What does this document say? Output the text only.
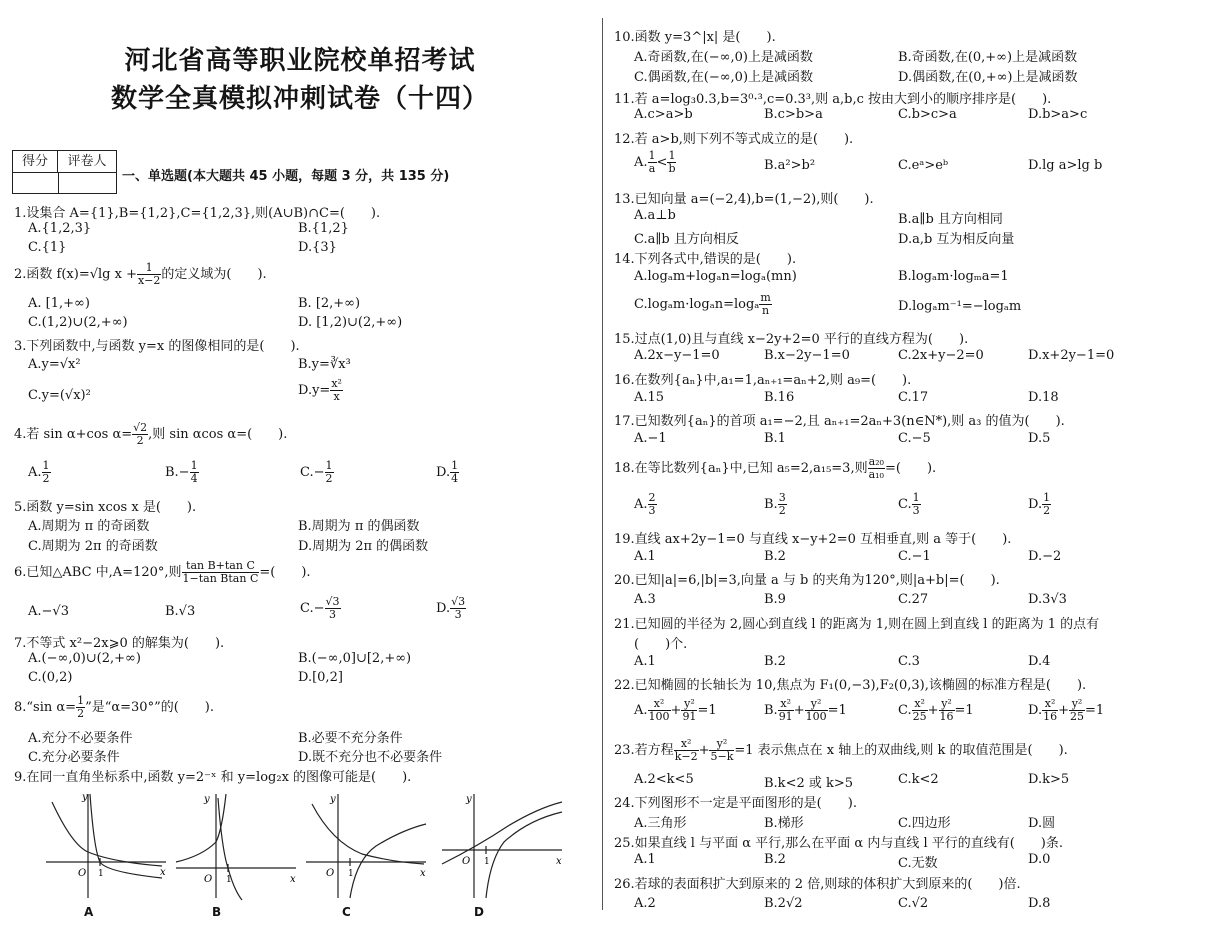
河北省高等职业院校单招考试
数学全真模拟冲刺试卷（十四）
得分	评卷人
一、单选题(本大题共 45 小题，每题 3 分，共 135 分)
1.设集合 A={1},B={1,2},C={1,2,3},则(A∪B)∩C=(　　).
A.{1,2,3}	B.{1,2}
C.{1}	D.{3}
2.函数 f(x)=√lg $x + \frac{1}{x-2}$ 的定义域为(　　).
A. [1,+∞)	B. [2,+∞)
C.(1,2)∪(2,+∞)	D. [1,2)∪(2,+∞)
3.下列函数中,与函数 y=x 的图像相同的是(　　).
A.y=√x²	B.y=∛x³
C.y=(√x)²	$D.y= \frac{\text{x²}}{x}$
4.若 sin α+cos $\alpha= \frac{√2}{2}$ ,则 sin αcos α=(　　).
A. $\frac{1}{2}$	$B.- \frac{1}{4}$	$C.- \frac{1}{2}$	D. $\frac{1}{4}$
5.函数 y=sin xcos x 是(　　).
A.周期为 π 的奇函数	B.周期为 π 的偶函数
C.周期为 2π 的奇函数	D.周期为 2π 的偶函数
6.已知△ABC 中,A=120°,则 $\frac{\text{tan B+tan C}}{\text{1−tan Btan C}}$ =(　　).
A.−√3	B.√3	$C.- \frac{√3}{3}$	D. $\frac{√3}{3}$
7.不等式 x²−2x⩾0 的解集为(　　).
A.(−∞,0)∪(2,+∞)	B.(−∞,0]∪[2,+∞)
C.(0,2)	D.[0,2]
8.“sin $\alpha= \frac{1}{2}$ ”是“α=30°”的(　　).
A.充分不必要条件	B.必要不充分条件
C.充分必要条件	D.既不充分也不必要条件
9.在同一直角坐标系中,函数 y=2⁻ˣ 和 y=log₂x 的图像可能是(　　).
y
x
O 1
A
y
x
O 1
B
y
x
O 1
C
y
x
O 1
D
10.函数 y=3^|x| 是(　　).
A.奇函数,在(−∞,0)上是减函数	B.奇函数,在(0,+∞)上是减函数
C.偶函数,在(−∞,0)上是减函数	D.偶函数,在(0,+∞)上是减函数
11.若 a=log₃0.3,b=3⁰·³,c=0.3³,则 a,b,c 按由大到小的顺序排序是(　　).
A.c>a>b	B.c>b>a	C.b>c>a	D.b>a>c
12.若 a>b,则下列不等式成立的是(　　).
A. $\frac{1}{a} < \frac{1}{b}$	B.a²>b²	C.eᵃ>eᵇ	D.lg a>lg b
13.已知向量 a=(−2,4),b=(1,−2),则(　　).
A.a⊥b	B.a∥b 且方向相同
C.a∥b 且方向相反	D.a,b 互为相反向量
14.下列各式中,错误的是(　　).
A.logₐm+logₐn=logₐ(mn)	B.logₐm·logₘa=1
$C.\log_am\cdot\log_an=\log_a \frac{m}{n}$	D.logₐm⁻¹=−logₐm
15.过点(1,0)且与直线 x−2y+2=0 平行的直线方程为(　　).
A.2x−y−1=0	B.x−2y−1=0	C.2x+y−2=0	D.x+2y−1=0
16.在数列{aₙ}中,a₁=1,aₙ₊₁=aₙ+2,则 a₉=(　　).
A.15	B.16	C.17	D.18
17.已知数列{aₙ}的首项 a₁=−2,且 aₙ₊₁=2aₙ+3(n∈N*),则 a₃ 的值为(　　).
A.−1	B.1	C.−5	D.5
18.在等比数列{aₙ}中,已知 a₅=2,a₁₅=3,则 $\frac{\text{a₂₀}}{\text{a₁₀}}$ =(　　).
A. $\frac{2}{3}$	B. $\frac{3}{2}$	C. $\frac{1}{3}$	D. $\frac{1}{2}$
19.直线 ax+2y−1=0 与直线 x−y+2=0 互相垂直,则 a 等于(　　).
A.1	B.2	C.−1	D.−2
20.已知|a|=6,|b|=3,向量 a 与 b 的夹角为120°,则|a+b|=(　　).
A.3	B.9	C.27	D.3√3
21.已知圆的半径为 2,圆心到直线 l 的距离为 1,则在圆上到直线 l 的距离为 1 的点有
(　　)个.
A.1	B.2	C.3	D.4
22.已知椭圆的长轴长为 10,焦点为 F₁(0,−3),F₂(0,3),该椭圆的标准方程是(　　).
A. $\frac{\text{x²}}{100} + \frac{\text{y²}}{91} =1$	B. $\frac{\text{x²}}{91} + \frac{\text{y²}}{100} =1$	C. $\frac{\text{x²}}{25} + \frac{\text{y²}}{16} =1$	D. $\frac{\text{x²}}{16} + \frac{\text{y²}}{25} =1$
23.若方程 $\frac{\text{x²}}{k-2} + \frac{\text{y²}}{5-k} =1$ 表示焦点在 x 轴上的双曲线,则 k 的取值范围是(　　).
A.2<k<5	B.k<2 或 k>5	C.k<2	D.k>5
24.下列图形不一定是平面图形的是(　　).
A.三角形	B.梯形	C.四边形	D.圆
25.如果直线 l 与平面 α 平行,那么在平面 α 内与直线 l 平行的直线有(　　)条.
A.1	B.2	C.无数	D.0
26.若球的表面积扩大到原来的 2 倍,则球的体积扩大到原来的(　　)倍.
A.2	B.2√2	C.√2	D.8
